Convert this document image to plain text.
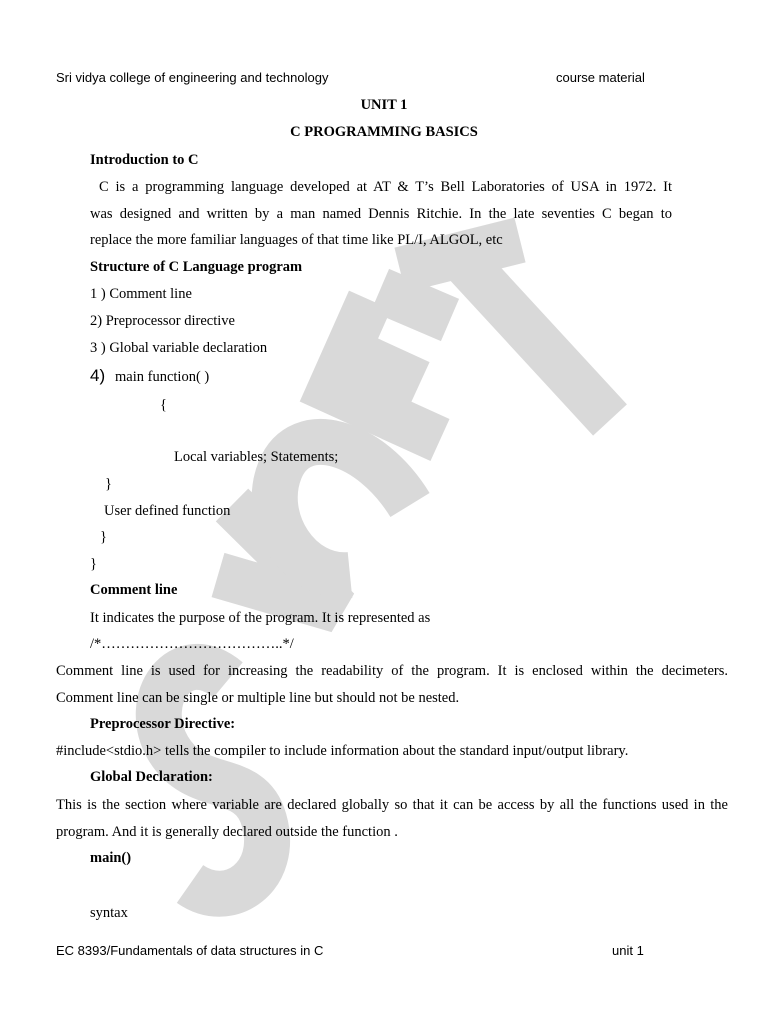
Sri vidya college of engineering and technology	course material
UNIT 1
C PROGRAMMING BASICS
Introduction to C
C is a programming language developed at AT & T’s Bell Laboratories of USA in 1972. It
was designed and written by a man named Dennis Ritchie. In the late seventies C began to
replace the more familiar languages of that time like PL/I, ALGOL, etc
Structure of C Language program
1 ) Comment line
2) Preprocessor directive
3 ) Global variable declaration
4) main function( )
{
Local variables; Statements;
}
User defined function
}
}
Comment line
It indicates the purpose of the program. It is represented as
/*………………………………..*/
Comment line is used for increasing the readability of the program. It is enclosed within the decimeters.
Comment line can be single or multiple line but should not be nested.
Preprocessor Directive:
#include<stdio.h> tells the compiler to include information about the standard input/output library.
Global Declaration:
This is the section where variable are declared globally so that it can be access by all the functions used in the
program. And it is generally declared outside the function .
main()
syntax
EC 8393/Fundamentals of data structures in C	unit 1
